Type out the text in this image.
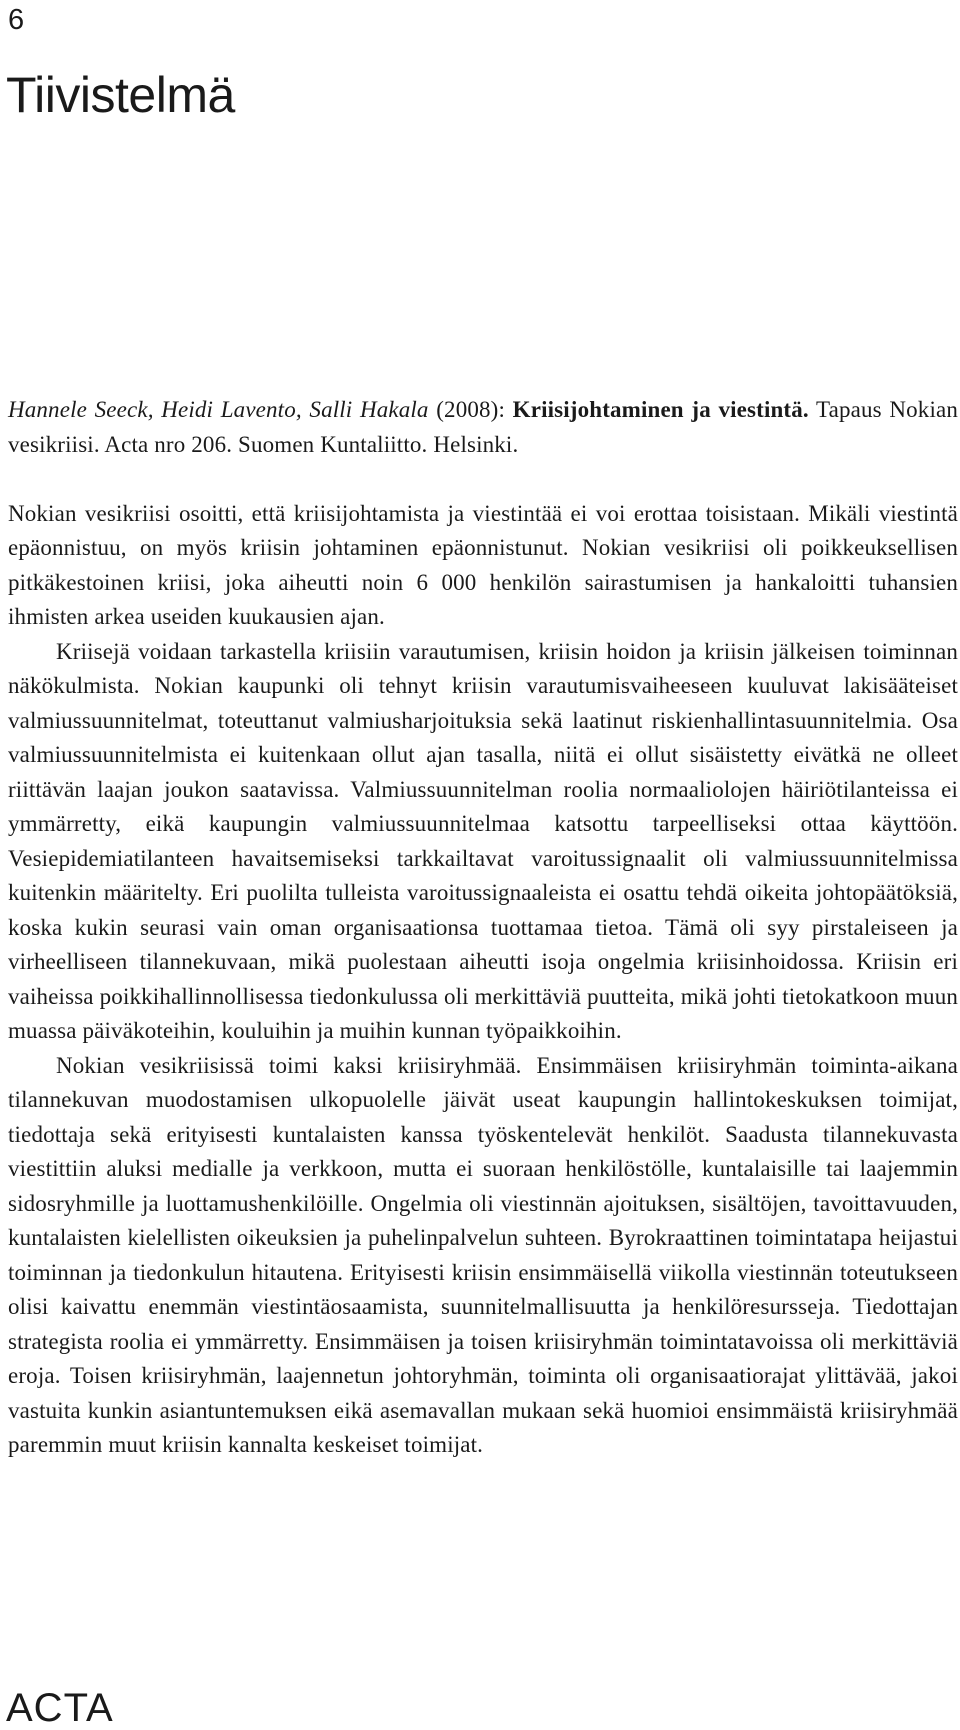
6
Tiivistelmä

Hannele Seeck, Heidi Lavento, Salli Hakala (2008): Kriisijohtaminen ja viestintä. Tapaus Nokian vesikriisi. Acta nro 206. Suomen Kuntaliitto. Helsinki.

Nokian vesikriisi osoitti, että kriisijohtamista ja viestintää ei voi erottaa toisistaan. Mikäli viestintä epäonnistuu, on myös kriisin johtaminen epäonnistunut. Nokian vesikriisi oli poikkeuksellisen pitkäkestoinen kriisi, joka aiheutti noin 6 000 henkilön sairastumisen ja hankaloitti tuhansien ihmisten arkea useiden kuukausien ajan.

Kriisejä voidaan tarkastella kriisiin varautumisen, kriisin hoidon ja kriisin jälkeisen toiminnan näkökulmista. Nokian kaupunki oli tehnyt kriisin varautumisvaiheeseen kuuluvat lakisääteiset valmiussuunnitelmat, toteuttanut valmiusharjoituksia sekä laatinut riskienhallintasuunnitelmia. Osa valmiussuunnitelmista ei kuitenkaan ollut ajan tasalla, niitä ei ollut sisäistetty eivätkä ne olleet riittävän laajan joukon saatavissa. Valmiussuunnitelman roolia normaaliolojen häiriötilanteissa ei ymmärretty, eikä kaupungin valmiussuunnitelmaa katsottu tarpeelliseksi ottaa käyttöön. Vesiepidemiatilanteen havaitsemiseksi tarkkailtavat varoitussignaalit oli valmiussuunnitelmissa kuitenkin määritelty. Eri puolilta tulleista varoitussignaaleista ei osattu tehdä oikeita johtopäätöksiä, koska kukin seurasi vain oman organisaationsa tuottamaa tietoa. Tämä oli syy pirstaleiseen ja virheelliseen tilannekuvaan, mikä puolestaan aiheutti isoja ongelmia kriisinhoidossa. Kriisin eri vaiheissa poikkihallinnollisessa tiedonkulussa oli merkittäviä puutteita, mikä johti tietokatkoon muun muassa päiväkoteihin, kouluihin ja muihin kunnan työpaikkoihin.

Nokian vesikriisissä toimi kaksi kriisiryhmää. Ensimmäisen kriisiryhmän toiminta-aikana tilannekuvan muodostamisen ulkopuolelle jäivät useat kaupungin hallintokeskuksen toimijat, tiedottaja sekä erityisesti kuntalaisten kanssa työskentelevät henkilöt. Saadusta tilannekuvasta viestittiin aluksi medialle ja verkkoon, mutta ei suoraan henkilöstölle, kuntalaisille tai laajemmin sidosryhmille ja luottamushenkilöille. Ongelmia oli viestinnän ajoituksen, sisältöjen, tavoittavuuden, kuntalaisten kielellisten oikeuksien ja puhelinpalvelun suhteen. Byrokraattinen toimintatapa heijastui toiminnan ja tiedonkulun hitautena. Erityisesti kriisin ensimmäisellä viikolla viestinnän toteutukseen olisi kaivattu enemmän viestintäosaamista, suunnitelmallisuutta ja henkilöresursseja. Tiedottajan strategista roolia ei ymmärretty. Ensimmäisen ja toisen kriisiryhmän toimintatavoissa oli merkittäviä eroja. Toisen kriisiryhmän, laajennetun johtoryhmän, toiminta oli organisaatiorajat ylittävää, jakoi vastuita kunkin asiantuntemuksen eikä asemavallan mukaan sekä huomioi ensimmäistä kriisiryhmää paremmin muut kriisin kannalta keskeiset toimijat.

ACTA
